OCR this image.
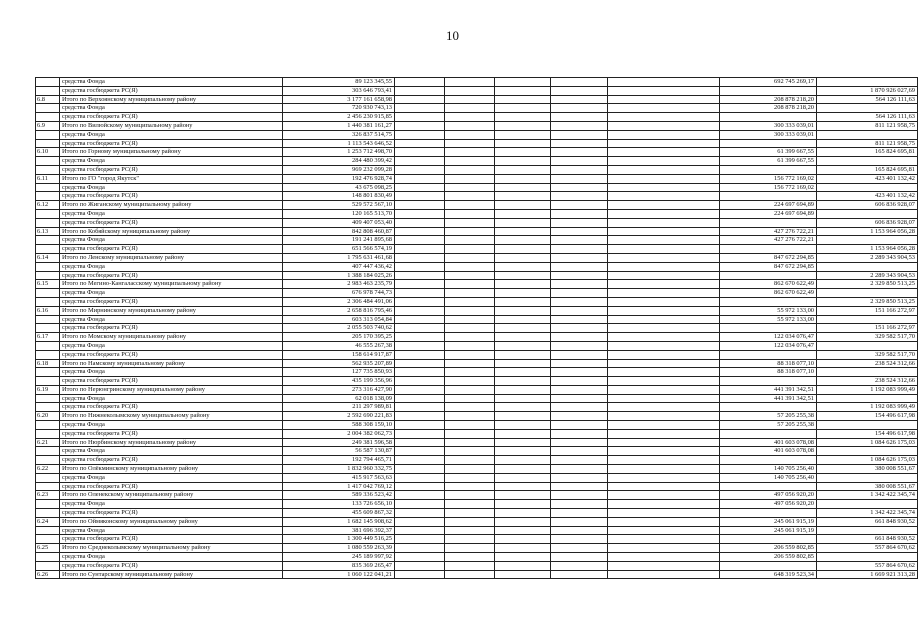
10
	средства Фонда	89 123 345,55						692 745 269,17	
	средства госбюджета РС(Я)	303 646 793,41							1 870 926 027,69
6.8	Итого по Верхоянскому муниципальному району	3 177 161 658,98						208 878 218,20	564 126 111,63
	средства Фонда	720 930 743,13						208 878 218,20	
	средства госбюджета РС(Я)	2 456 230 915,85							564 126 111,63
6.9	Итого по Вилюйскому муниципальному району	1 440 381 161,27						300 333 039,01	811 121 958,75
	средства Фонда	326 837 514,75						300 333 039,01	
	средства госбюджета РС(Я)	1 113 543 646,52							811 121 958,75
6.10	Итого по Горному муниципальному району	1 253 712 498,70						61 399 667,55	165 824 695,81
	средства Фонда	284 480 399,42						61 399 667,55	
	средства госбюджета РС(Я)	969 232 099,28							165 824 695,81
6.11	Итого по ГО "город Якутск"	192 476 928,74						156 772 169,02	423 401 132,42
	средства Фонда	43 675 098,25						156 772 169,02	
	средства госбюджета РС(Я)	148 801 830,49							423 401 132,42
6.12	Итого по Жиганскому муниципальному району	529 572 567,10						224 697 694,89	606 836 928,07
	средства Фонда	120 165 513,70						224 697 694,89	
	средства госбюджета РС(Я)	409 407 053,40							606 836 928,07
6.13	Итого по Кобяйскому муниципальному району	842 808 460,87						427 276 722,21	1 153 964 056,28
	средства Фонда	191 241 895,68						427 276 722,21	
	средства госбюджета РС(Я)	651 566 574,19							1 153 964 056,28
6.14	Итого по Ленскому муниципальному району	1 795 631 461,68						847 672 294,85	2 289 343 904,53
	средства Фонда	407 447 436,42						847 672 294,85	
	средства госбюджета РС(Я)	1 388 184 025,26							2 289 343 904,53
6.15	Итого по Мегино-Кангаласскому муниципальному району	2 983 463 235,79						862 670 622,49	2 329 850 513,25
	средства Фонда	676 978 744,73						862 670 622,49	
	средства госбюджета РС(Я)	2 306 484 491,06							2 329 850 513,25
6.16	Итого по Мирнинскому муниципальному району	2 658 816 795,46						55 972 133,00	151 166 272,97
	средства Фонда	603 313 054,84						55 972 133,00	
	средства госбюджета РС(Я)	2 055 503 740,62							151 166 272,97
6.17	Итого по Момскому муниципальному району	205 170 395,25						122 034 076,47	329 582 517,70
	средства Фонда	46 555 267,38						122 034 076,47	
	средства госбюджета РС(Я)	158 614 917,87							329 582 517,70
6.18	Итого по Намскому муниципальному району	562 935 207,89						88 318 077,10	238 524 312,66
	средства Фонда	127 735 850,93						88 318 077,10	
	средства госбюджета РС(Я)	435 199 356,96							238 524 312,66
6.19	Итого по Нерюнгринскому муниципальному району	273 316 427,90						441 391 342,51	1 192 083 999,49
	средства Фонда	62 018 138,09						441 391 342,51	
	средства госбюджета РС(Я)	211 297 989,81							1 192 083 999,49
6.20	Итого по Нижнеколымскому муниципальному району	2 592 690 221,83						57 205 255,38	154 496 617,98
	средства Фонда	588 308 159,10						57 205 255,38	
	средства госбюджета РС(Я)	2 004 382 062,73							154 496 617,98
6.21	Итого по Нюрбинскому муниципальному району	249 381 596,58						401 603 078,08	1 084 626 175,03
	средства Фонда	56 587 130,87						401 603 078,08	
	средства госбюджета РС(Я)	192 794 465,71							1 084 626 175,03
6.22	Итого по Олёкминскому муниципальному району	1 832 960 332,75						140 705 256,40	380 008 551,67
	средства Фонда	415 917 563,63						140 705 256,40	
	средства госбюджета РС(Я)	1 417 042 769,12							380 008 551,67
6.23	Итого по Оленекскому муниципальному району	589 336 523,42						497 056 920,20	1 342 422 345,74
	средства Фонда	133 726 656,10						497 056 920,20	
	средства госбюджета РС(Я)	455 609 867,32							1 342 422 345,74
6.24	Итого по Оймяконскому муниципальному району	1 682 145 908,62						245 061 915,19	661 848 930,52
	средства Фонда	381 696 392,37						245 061 915,19	
	средства госбюджета РС(Я)	1 300 449 516,25							661 848 930,52
6.25	Итого по Среднеколымскому муниципальному району	1 080 559 263,39						206 559 802,85	557 864 670,62
	средства Фонда	245 189 997,92						206 559 802,85	
	средства госбюджета РС(Я)	835 369 265,47							557 864 670,62
6.26	Итого по Сунтарскому муниципальному району	1 060 122 041,21						648 319 523,34	1 669 921 313,28
